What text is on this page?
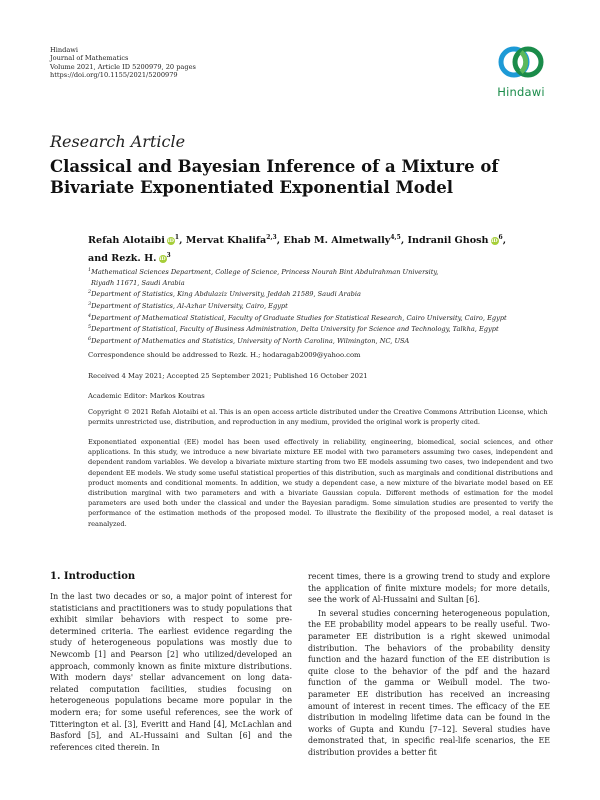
Hindawi
Journal of Mathematics
Volume 2021, Article ID 5200979, 20 pages
https://doi.org/10.1155/2021/5200979
Hindawi
Research Article
Classical and Bayesian Inference of a Mixture of Bivariate Exponentiated Exponential Model
Refah Alotaibi $iD^1$, Mervat Khalifa$^{2,3}$, Ehab M. Almetwally$^{4,5}$, Indranil Ghosh $iD^6$,
and Rezk. H. $iD^3$
$^1$Mathematical Sciences Department, College of Science, Princess Nourah Bint Abdulrahman University,
Riyadh 11671, Saudi Arabia
$^2$Department of Statistics, King Abdulaziz University, Jeddah 21589, Saudi Arabia
$^3$Department of Statistics, Al-Azhar University, Cairo, Egypt
$^4$Department of Mathematical Statistical, Faculty of Graduate Studies for Statistical Research, Cairo University, Cairo, Egypt
$^5$Department of Statistical, Faculty of Business Administration, Delta University for Science and Technology, Talkha, Egypt
$^6$Department of Mathematics and Statistics, University of North Carolina, Wilmington, NC, USA
Correspondence should be addressed to Rezk. H.; hodaragab2009@yahoo.com
Received 4 May 2021; Accepted 25 September 2021; Published 16 October 2021
Academic Editor: Markos Koutras
Copyright © 2021 Refah Alotaibi et al. This is an open access article distributed under the Creative Commons Attribution License, which permits unrestricted use, distribution, and reproduction in any medium, provided the original work is properly cited.
Exponentiated exponential (EE) model has been used effectively in reliability, engineering, biomedical, social sciences, and other applications. In this study, we introduce a new bivariate mixture EE model with two parameters assuming two cases, independent and dependent random variables. We develop a bivariate mixture starting from two EE models assuming two cases, two independent and two dependent EE models. We study some useful statistical properties of this distribution, such as marginals and conditional distributions and product moments and conditional moments. In addition, we study a dependent case, a new mixture of the bivariate model based on EE distribution marginal with two parameters and with a bivariate Gaussian copula. Different methods of estimation for the model parameters are used both under the classical and under the Bayesian paradigm. Some simulation studies are presented to verify the performance of the estimation methods of the proposed model. To illustrate the flexibility of the proposed model, a real dataset is reanalyzed.
1. Introduction

In the last two decades or so, a major point of interest for statisticians and practitioners was to study populations that exhibit similar behaviors with respect to some pre-determined criteria. The earliest evidence regarding the study of heterogeneous populations was mostly due to Newcomb [1] and Pearson [2] who utilized/developed an approach, commonly known as finite mixture distributions. With modern days' stellar advancement on long data-related computation facilities, studies focusing on heterogeneous populations became more popular in the modern era; for some useful references, see the work of Titterington et al. [3], Everitt and Hand [4], McLachlan and Basford [5], and AL-Hussaini and Sultan [6] and the references cited therein. In

recent times, there is a growing trend to study and explore the application of finite mixture models; for more details, see the work of Al-Hussaini and Sultan [6].

In several studies concerning heterogeneous population, the EE probability model appears to be really useful. Two-parameter EE distribution is a right skewed unimodal distribution. The behaviors of the probability density function and the hazard function of the EE distribution is quite close to the behavior of the pdf and the hazard function of the gamma or Weibull model. The two-parameter EE distribution has received an increasing amount of interest in recent times. The efficacy of the EE distribution in modeling lifetime data can be found in the works of Gupta and Kundu [7–12]. Several studies have demonstrated that, in specific real-life scenarios, the EE distribution provides a better fit
